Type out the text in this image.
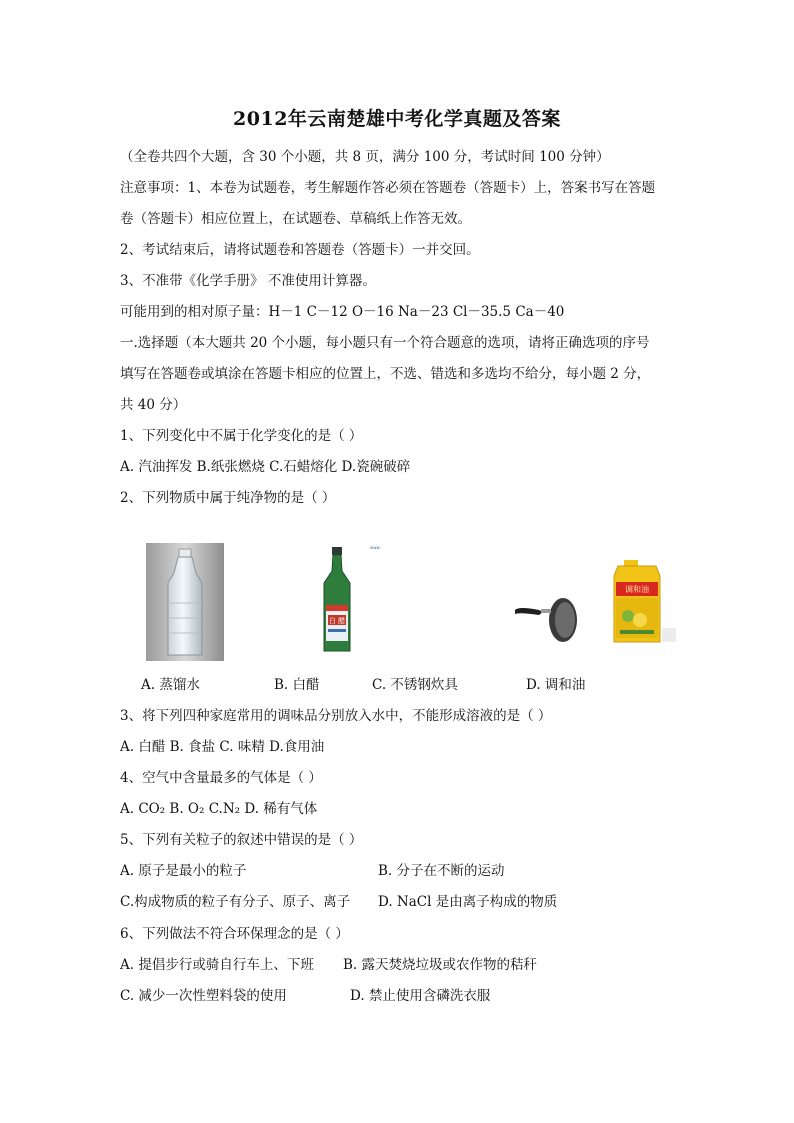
2012年云南楚雄中考化学真题及答案
（全卷共四个大题，含 30 个小题，共 8 页，满分 100 分，考试时间 100 分钟）
注意事项：1、本卷为试题卷，考生解题作答必须在答题卷（答题卡）上，答案书写在答题
卷（答题卡）相应位置上，在试题卷、草稿纸上作答无效。
2、考试结束后，请将试题卷和答题卷（答题卡）一并交回。
3、不准带《化学手册》 不准使用计算器。
可能用到的相对原子量：H－1 C－12 O－16 Na－23 Cl－35.5 Ca－40
一.选择题（本大题共 20 个小题，每小题只有一个符合题意的选项，请将正确选项的序号
填写在答题卷或填涂在答题卡相应的位置上，不选、错选和多选均不给分，每小题 2 分，
共 40 分）
1、下列变化中不属于化学变化的是（ ）
A. 汽油挥发 B.纸张燃烧 C.石蜡熔化 D.瓷碗破碎
2、下列物质中属于纯净物的是（ ）
www.
白 醋
调和油
A. 蒸馏水	B. 白醋	C. 不锈钢炊具	D. 调和油
3、将下列四种家庭常用的调味品分别放入水中，不能形成溶液的是（ ）
A. 白醋 B. 食盐 C. 味精 D.食用油
4、空气中含量最多的气体是（ ）
A. CO₂ B. O₂ C.N₂ D. 稀有气体
5、下列有关粒子的叙述中错误的是（ ）
A. 原子是最小的粒子	B. 分子在不断的运动
C.构成物质的粒子有分子、原子、离子 D. NaCl 是由离子构成的物质
6、下列做法不符合环保理念的是（ ）
A. 提倡步行或骑自行车上、下班 B. 露天焚烧垃圾或农作物的秸秆
C. 减少一次性塑料袋的使用	D. 禁止使用含磷洗衣服
